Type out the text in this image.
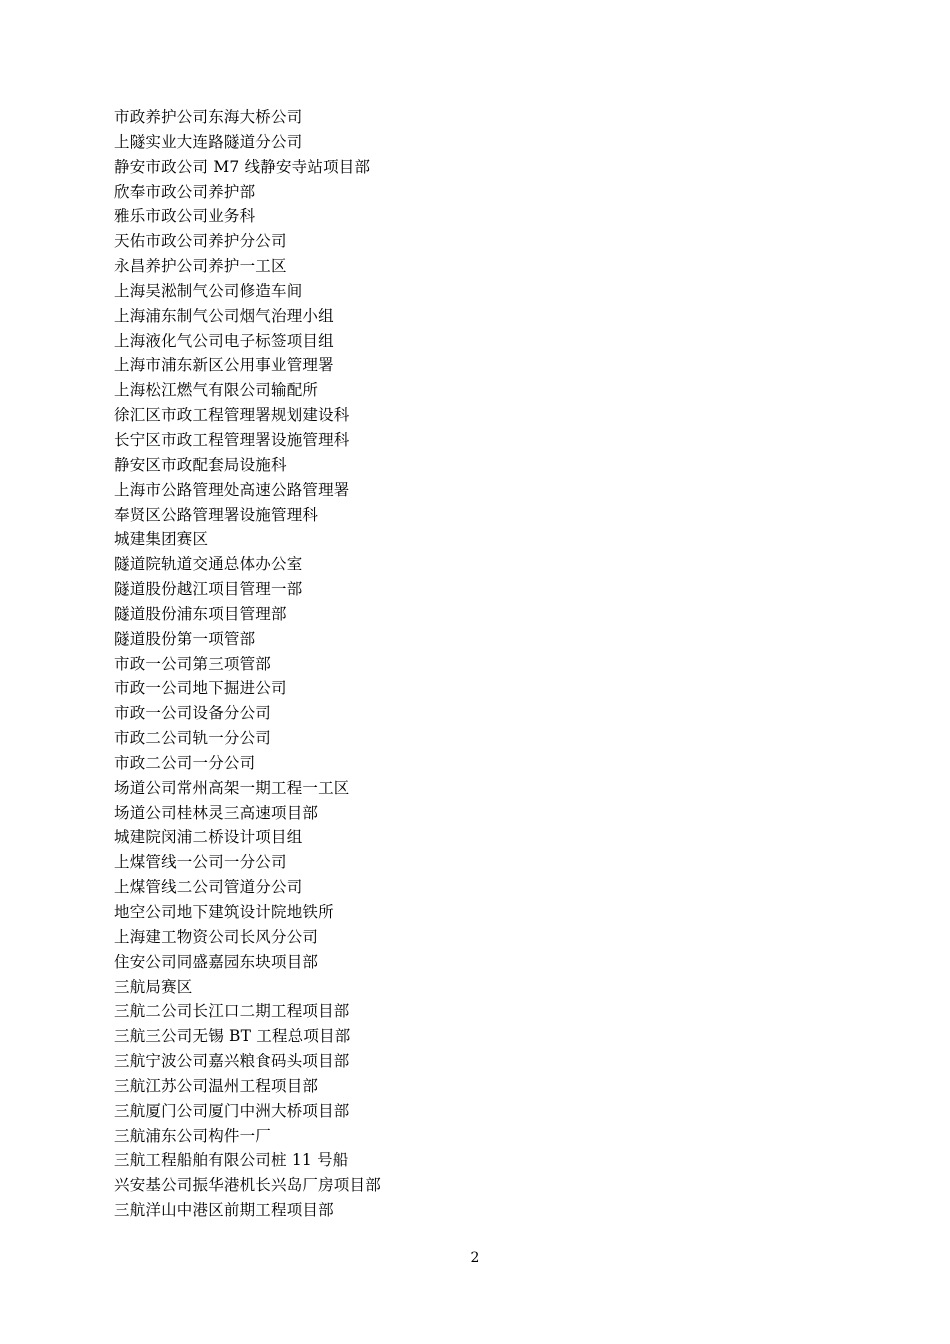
市政养护公司东海大桥公司
上隧实业大连路隧道分公司
静安市政公司 M7 线静安寺站项目部
欣奉市政公司养护部
雅乐市政公司业务科
天佑市政公司养护分公司
永昌养护公司养护一工区
上海吴淞制气公司修造车间
上海浦东制气公司烟气治理小组
上海液化气公司电子标签项目组
上海市浦东新区公用事业管理署
上海松江燃气有限公司输配所
徐汇区市政工程管理署规划建设科
长宁区市政工程管理署设施管理科
静安区市政配套局设施科
上海市公路管理处高速公路管理署
奉贤区公路管理署设施管理科
城建集团赛区
隧道院轨道交通总体办公室
隧道股份越江项目管理一部
隧道股份浦东项目管理部
隧道股份第一项管部
市政一公司第三项管部
市政一公司地下掘进公司
市政一公司设备分公司
市政二公司轨一分公司
市政二公司一分公司
场道公司常州高架一期工程一工区
场道公司桂林灵三高速项目部
城建院闵浦二桥设计项目组
上煤管线一公司一分公司
上煤管线二公司管道分公司
地空公司地下建筑设计院地铁所
上海建工物资公司长风分公司
住安公司同盛嘉园东块项目部
三航局赛区
三航二公司长江口二期工程项目部
三航三公司无锡 BT 工程总项目部
三航宁波公司嘉兴粮食码头项目部
三航江苏公司温州工程项目部
三航厦门公司厦门中洲大桥项目部
三航浦东公司构件一厂
三航工程船舶有限公司桩 11 号船
兴安基公司振华港机长兴岛厂房项目部
三航洋山中港区前期工程项目部
2
